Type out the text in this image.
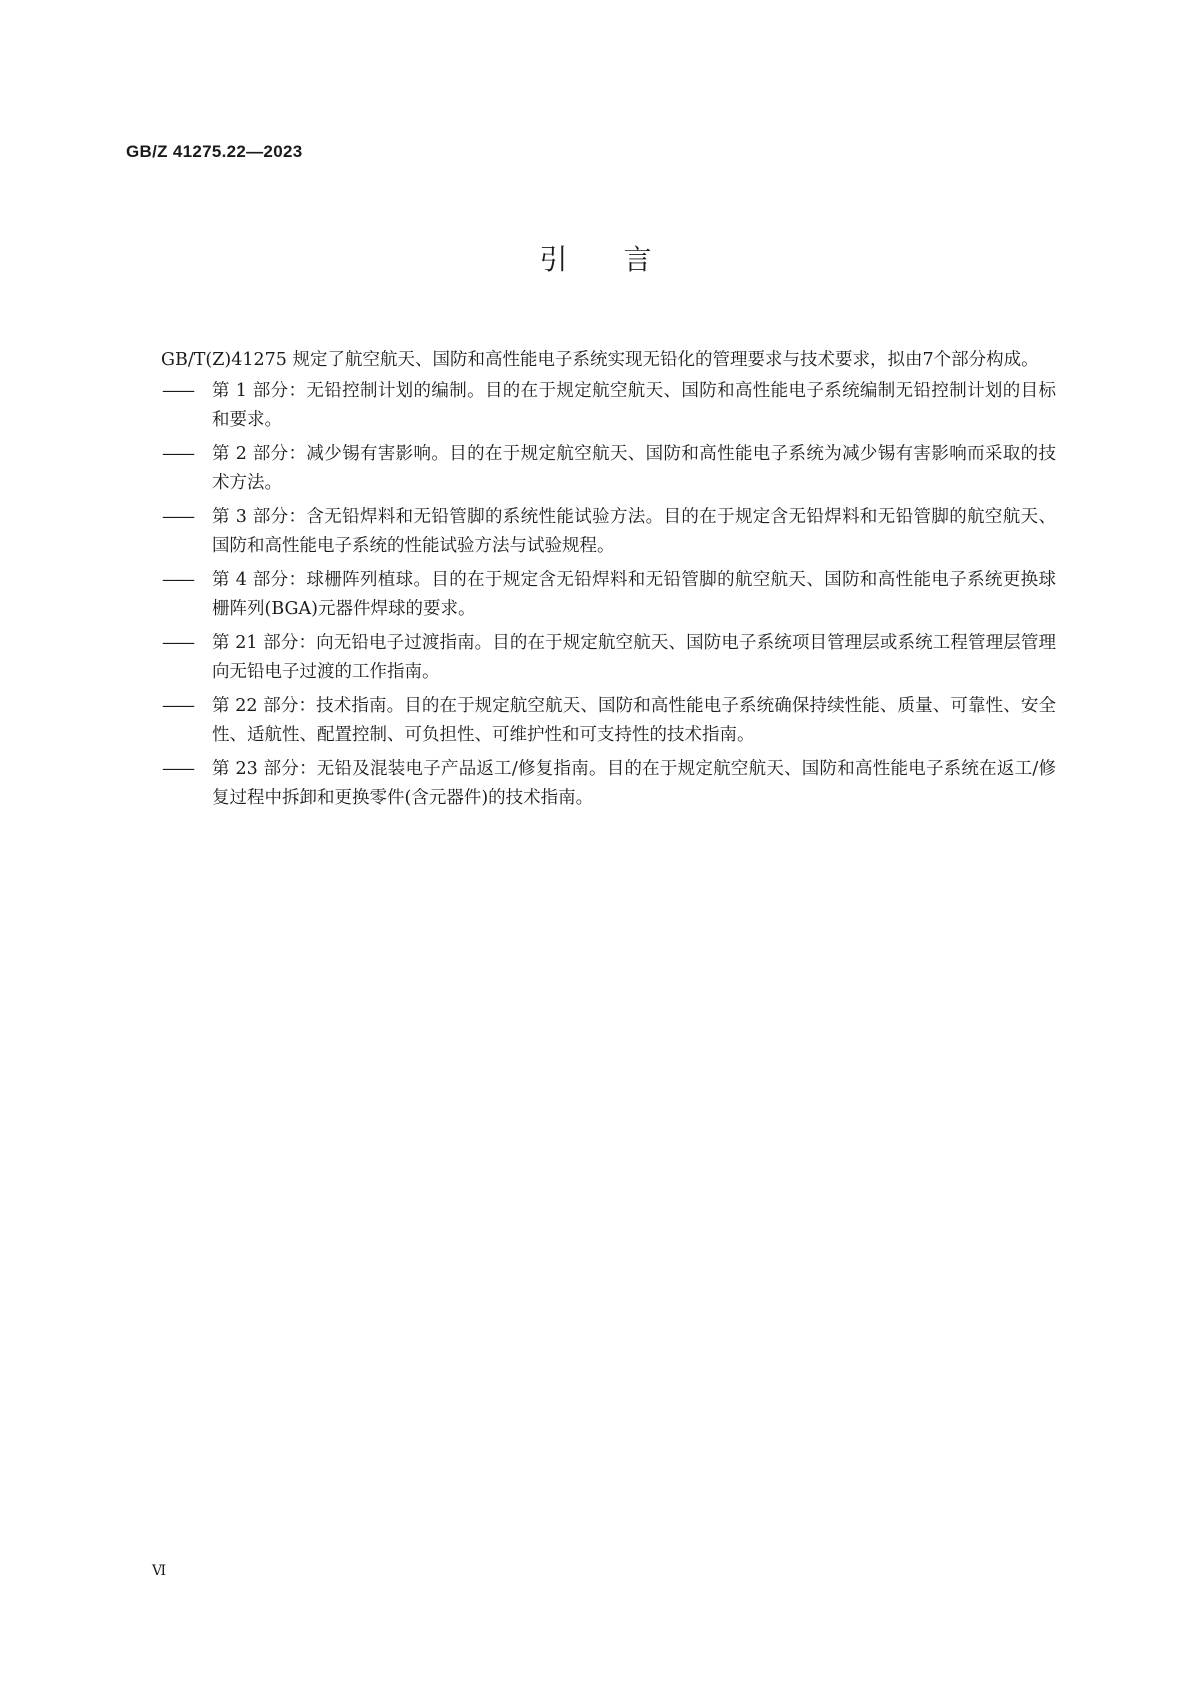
GB/Z 41275.22—2023
引言

GB/T(Z)41275 规定了航空航天、国防和高性能电子系统实现无铅化的管理要求与技术要求，拟由7个部分构成。

——	第 1 部分：无铅控制计划的编制。目的在于规定航空航天、国防和高性能电子系统编制无铅控制计划的目标和要求。
——	第 2 部分：减少锡有害影响。目的在于规定航空航天、国防和高性能电子系统为减少锡有害影响而采取的技术方法。
——	第 3 部分：含无铅焊料和无铅管脚的系统性能试验方法。目的在于规定含无铅焊料和无铅管脚的航空航天、国防和高性能电子系统的性能试验方法与试验规程。
——	第 4 部分：球栅阵列植球。目的在于规定含无铅焊料和无铅管脚的航空航天、国防和高性能电子系统更换球栅阵列(BGA)元器件焊球的要求。
——	第 21 部分：向无铅电子过渡指南。目的在于规定航空航天、国防电子系统项目管理层或系统工程管理层管理向无铅电子过渡的工作指南。
——	第 22 部分：技术指南。目的在于规定航空航天、国防和高性能电子系统确保持续性能、质量、可靠性、安全性、适航性、配置控制、可负担性、可维护性和可支持性的技术指南。
——	第 23 部分：无铅及混装电子产品返工/修复指南。目的在于规定航空航天、国防和高性能电子系统在返工/修复过程中拆卸和更换零件(含元器件)的技术指南。
Ⅵ
